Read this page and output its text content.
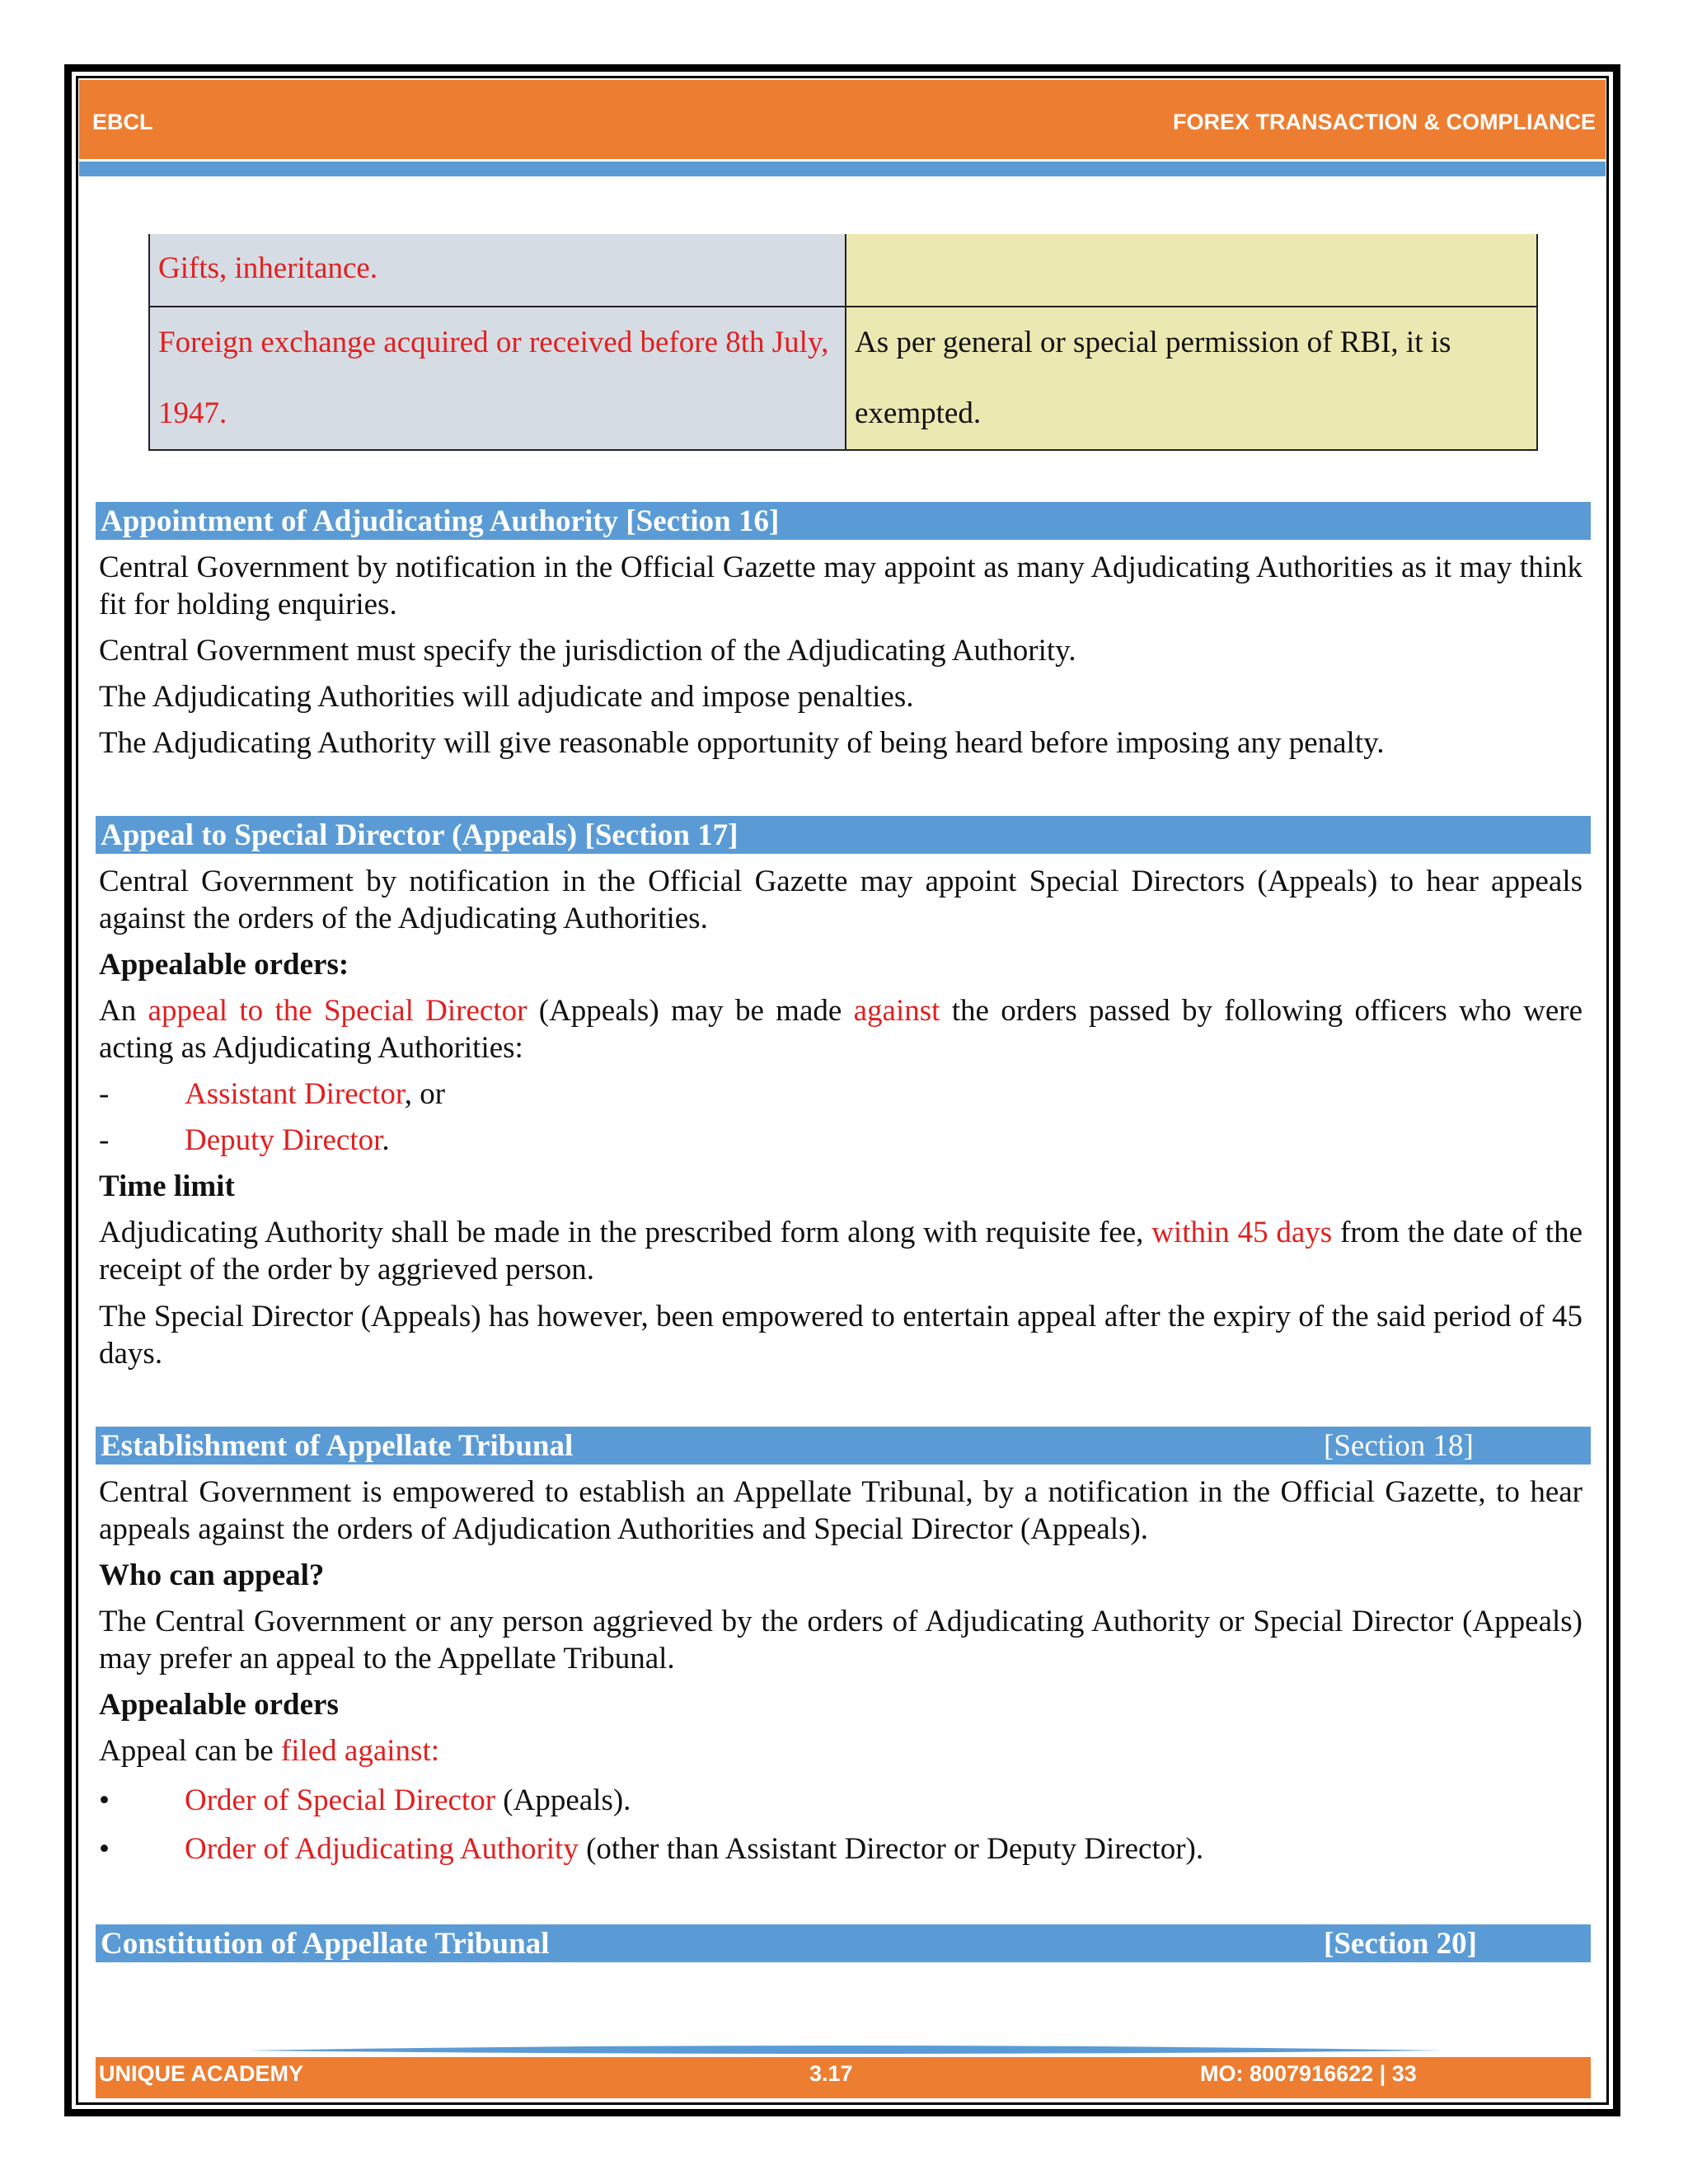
EBCL	FOREX TRANSACTION & COMPLIANCE
Gifts, inheritance.	
Foreign exchange acquired or received before 8th July, 1947.	As per general or special permission of RBI, it is exempted.
Appointment of Adjudicating Authority [Section 16]
Central Government by notification in the Official Gazette may appoint as many Adjudicating Authorities as it may think fit for holding enquiries.
Central Government must specify the jurisdiction of the Adjudicating Authority.
The Adjudicating Authorities will adjudicate and impose penalties.
The Adjudicating Authority will give reasonable opportunity of being heard before imposing any penalty.
Appeal to Special Director (Appeals) [Section 17]
Central Government by notification in the Official Gazette may appoint Special Directors (Appeals) to hear appeals against the orders of the Adjudicating Authorities.
Appealable orders:
An appeal to the Special Director (Appeals) may be made against the orders passed by following officers who were acting as Adjudicating Authorities:
- Assistant Director, or
- Deputy Director.
Time limit
Adjudicating Authority shall be made in the prescribed form along with requisite fee, within 45 days from the date of the receipt of the order by aggrieved person.
The Special Director (Appeals) has however, been empowered to entertain appeal after the expiry of the said period of 45 days.
Establishment of Appellate Tribunal	[Section 18]
Central Government is empowered to establish an Appellate Tribunal, by a notification in the Official Gazette, to hear appeals against the orders of Adjudication Authorities and Special Director (Appeals).
Who can appeal?
The Central Government or any person aggrieved by the orders of Adjudicating Authority or Special Director (Appeals) may prefer an appeal to the Appellate Tribunal.
Appealable orders
Appeal can be filed against:
• Order of Special Director (Appeals).
• Order of Adjudicating Authority (other than Assistant Director or Deputy Director).
Constitution of Appellate Tribunal	[Section 20]
UNIQUE ACADEMY	3.17	MO: 8007916622 | 33
